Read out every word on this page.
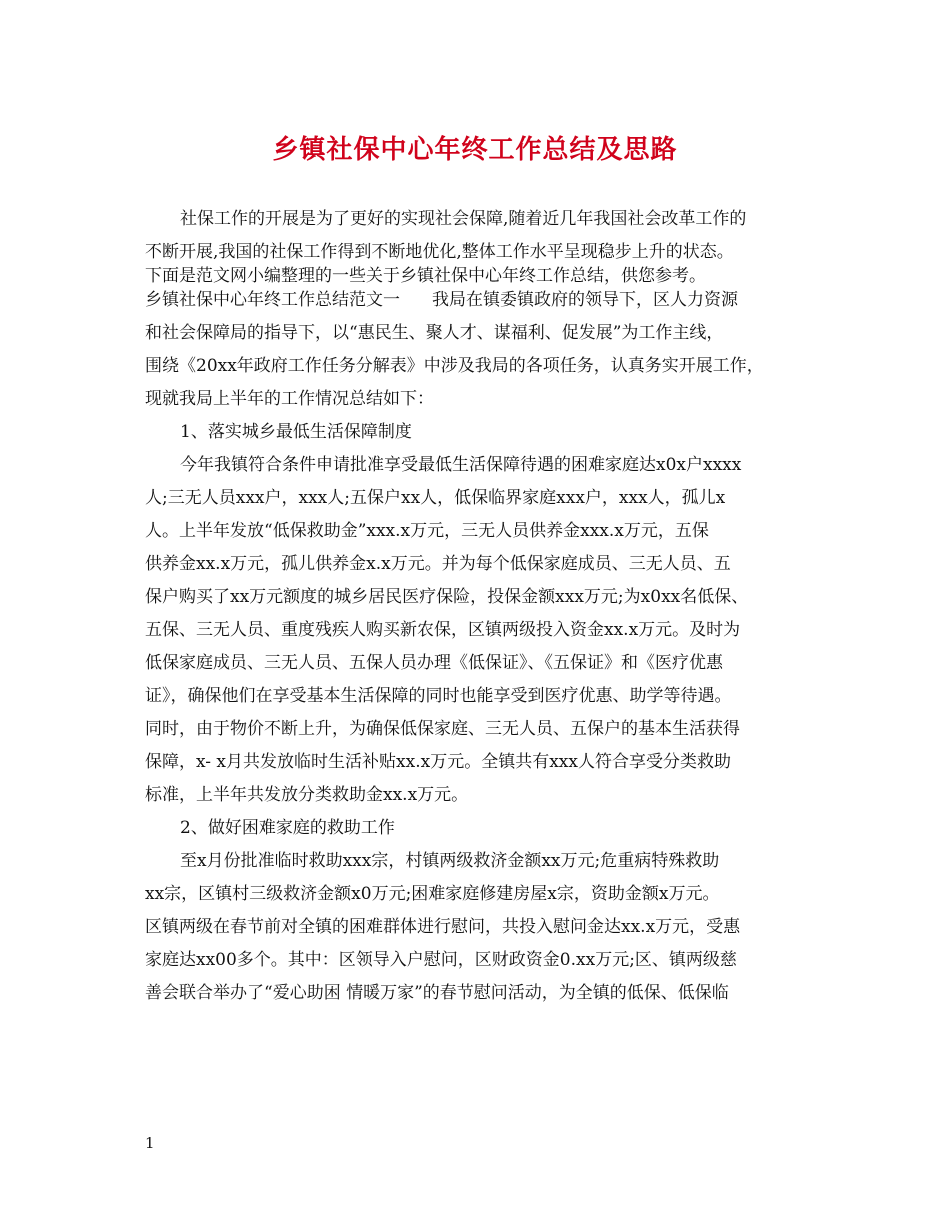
乡镇社保中心年终工作总结及思路

社保工作的开展是为了更好的实现社会保障,随着近几年我国社会改革工作的

不断开展,我国的社保工作得到不断地优化,整体工作水平呈现稳步上升的状态。

下面是范文网小编整理的一些关于乡镇社保中心年终工作总结，供您参考。

乡镇社保中心年终工作总结范文一 我局在镇委镇政府的领导下，区人力资源

和社会保障局的指导下，以“惠民生、聚人才、谋福利、促发展”为工作主线，

围绕《20xx年政府工作任务分解表》中涉及我局的各项任务，认真务实开展工作，

现就我局上半年的工作情况总结如下：

1、落实城乡最低生活保障制度

今年我镇符合条件申请批准享受最低生活保障待遇的困难家庭达x0x户xxxx

人;三无人员xxx户，xxx人;五保户xx人，低保临界家庭xxx户，xxx人，孤儿x

人。上半年发放“低保救助金”xxx.x万元，三无人员供养金xxx.x万元，五保

供养金xx.x万元，孤儿供养金x.x万元。并为每个低保家庭成员、三无人员、五

保户购买了xx万元额度的城乡居民医疗保险，投保金额xxx万元;为x0xx名低保、

五保、三无人员、重度残疾人购买新农保，区镇两级投入资金xx.x万元。及时为

低保家庭成员、三无人员、五保人员办理《低保证》、《五保证》和《医疗优惠

证》，确保他们在享受基本生活保障的同时也能享受到医疗优惠、助学等待遇。

同时，由于物价不断上升，为确保低保家庭、三无人员、五保户的基本生活获得

保障，x- x月共发放临时生活补贴xx.x万元。全镇共有xxx人符合享受分类救助

标准，上半年共发放分类救助金xx.x万元。

2、做好困难家庭的救助工作

至x月份批准临时救助xxx宗，村镇两级救济金额xx万元;危重病特殊救助

xx宗，区镇村三级救济金额x0万元;困难家庭修建房屋x宗，资助金额x万元。

区镇两级在春节前对全镇的困难群体进行慰问，共投入慰问金达xx.x万元，受惠

家庭达xx00多个。其中：区领导入户慰问，区财政资金0.xx万元;区、镇两级慈

善会联合举办了“爱心助困 情暖万家”的春节慰问活动，为全镇的低保、低保临

1
